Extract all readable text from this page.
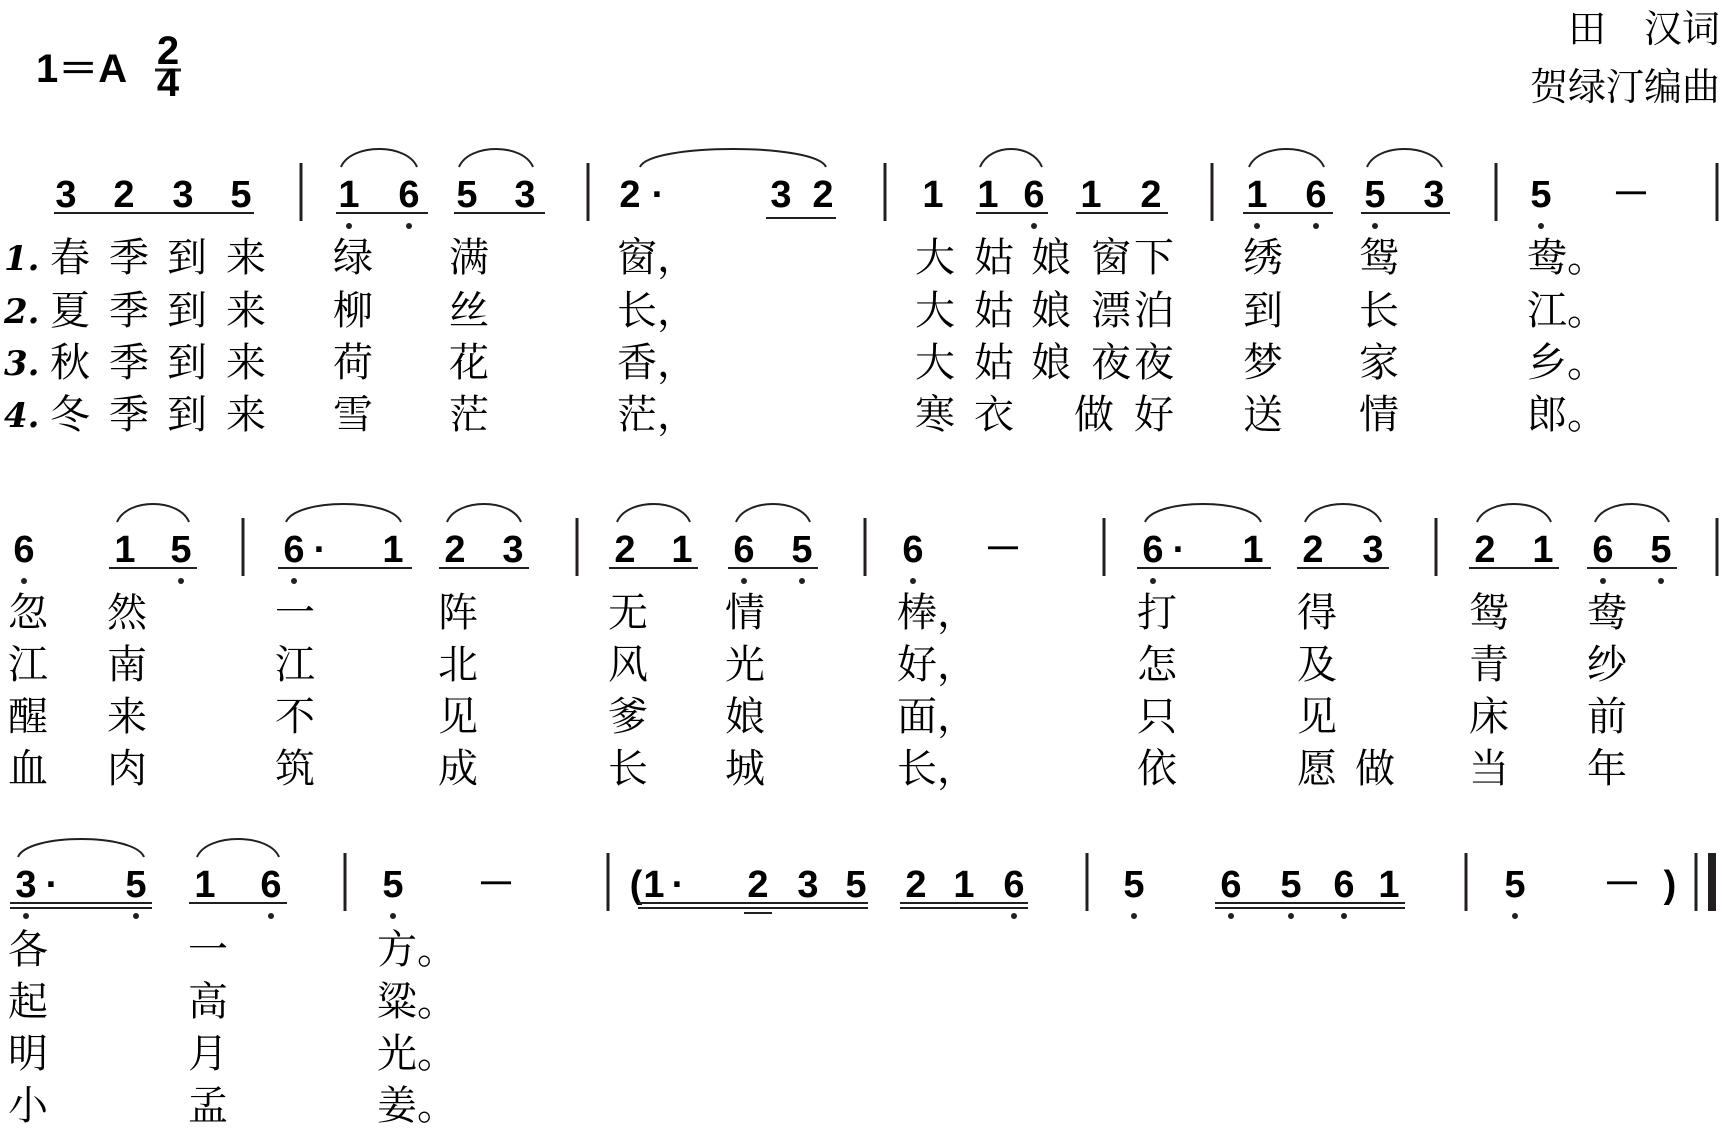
1＝A 2
4
田　汉词
贺绿汀编曲
1.
2.
3.
4.
3 2 3 5 1 6 5 3 2 ·	3 2 1 1 6 1 2 1 6 5 3 5 －
春 季 到 来 绿 满	窗，	大 姑 娘 窗 下 绣 鸳	鸯。
夏 季 到 来 柳 丝	长，	大 姑 娘 漂 泊 到 长	江。
秋 季 到 来 荷 花	香，	大 姑 娘 夜 夜 梦 家	乡。
冬 季 到 来 雪 茫	茫，	寒 衣 做 好 送 情	郎。
6 1 5 6 · 1 2 3 2 1 6 5 6 －	6 · 1 2 3 2 1 6 5
忽 然	一	阵	无 情	棒，	打	得	鸳 鸯
江 南	江	北	风 光	好，	怎	及	青 纱
醒 来	不	见	爹 娘	面，	只	见	床 前
血 肉	筑	成	长 城	长，	依	愿 做 当 年
3 · 5 1 6	5 －	( 1 · 2 3 5 2 1 6	5 6 5 6 1	5 － )
各	一	方。
起	高	粱。
明	月	光。
小	孟	姜。
